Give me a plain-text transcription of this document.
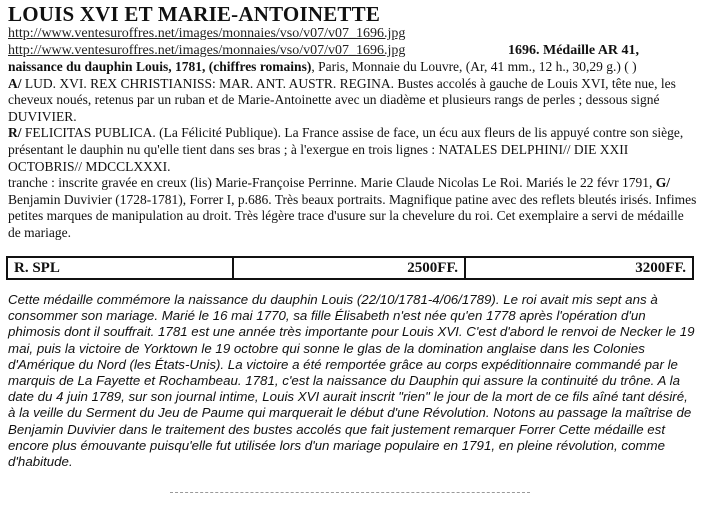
LOUIS XVI ET MARIE-ANTOINETTE
http://www.ventesuroffres.net/images/monnaies/vso/v07/v07_1696.jpg
http://www.ventesuroffres.net/images/monnaies/vso/v07/v07_1696.jpg	1696. Médaille AR 41,

naissance du dauphin Louis, 1781, (chiffres romains), Paris, Monnaie du Louvre, (Ar, 41 mm., 12 h., 30,29 g.) ( )

A/ LUD. XVI. REX CHRISTIANISS: MAR. ANT. AUSTR. REGINA. Bustes accolés à gauche de Louis XVI, tête nue, les cheveux noués, retenus par un ruban et de Marie-Antoinette avec un diadème et plusieurs rangs de perles ; dessous signé DUVIVIER.

R/ FELICITAS PUBLICA. (La Félicité Publique). La France assise de face, un écu aux fleurs de lis appuyé contre son siège, présentant le dauphin nu qu'elle tient dans ses bras ; à l'exergue en trois lignes : NATALES DELPHINI// DIE XXII OCTOBRIS// MDCCLXXXI.

tranche : inscrite gravée en creux (lis) Marie-Françoise Perrinne. Marie Claude Nicolas Le Roi. Mariés le 22 févr 1791, G/ Benjamin Duvivier (1728-1781), Forrer I, p.686. Très beaux portraits. Magnifique patine avec des reflets bleutés irisés. Infimes petites marques de manipulation au droit. Très légère trace d'usure sur la chevelure du roi. Cet exemplaire a servi de médaille de mariage.

R. SPL	2500FF.	3200FF.
Cette médaille commémore la naissance du dauphin Louis (22/10/1781-4/06/1789). Le roi avait mis sept ans à consommer son mariage. Marié le 16 mai 1770, sa fille Élisabeth n'est née qu'en 1778 après l'opération d'un phimosis dont il souffrait. 1781 est une année très importante pour Louis XVI. C'est d'abord le renvoi de Necker le 19 mai, puis la victoire de Yorktown le 19 octobre qui sonne le glas de la domination anglaise dans les Colonies d'Amérique du Nord (les États-Unis). La victoire a été remportée grâce au corps expéditionnaire commandé par le marquis de La Fayette et Rochambeau. 1781, c'est la naissance du Dauphin qui assure la continuité du trône. A la date du 4 juin 1789, sur son journal intime, Louis XVI aurait inscrit "rien" le jour de la mort de ce fils aîné tant désiré, à la veille du Serment du Jeu de Paume qui marquerait le début d'une Révolution. Notons au passage la maîtrise de Benjamin Duvivier dans le traitement des bustes accolés que fait justement remarquer Forrer Cette médaille est encore plus émouvante puisqu'elle fut utilisée lors d'un mariage populaire en 1791, en pleine révolution, comme d'habitude.
